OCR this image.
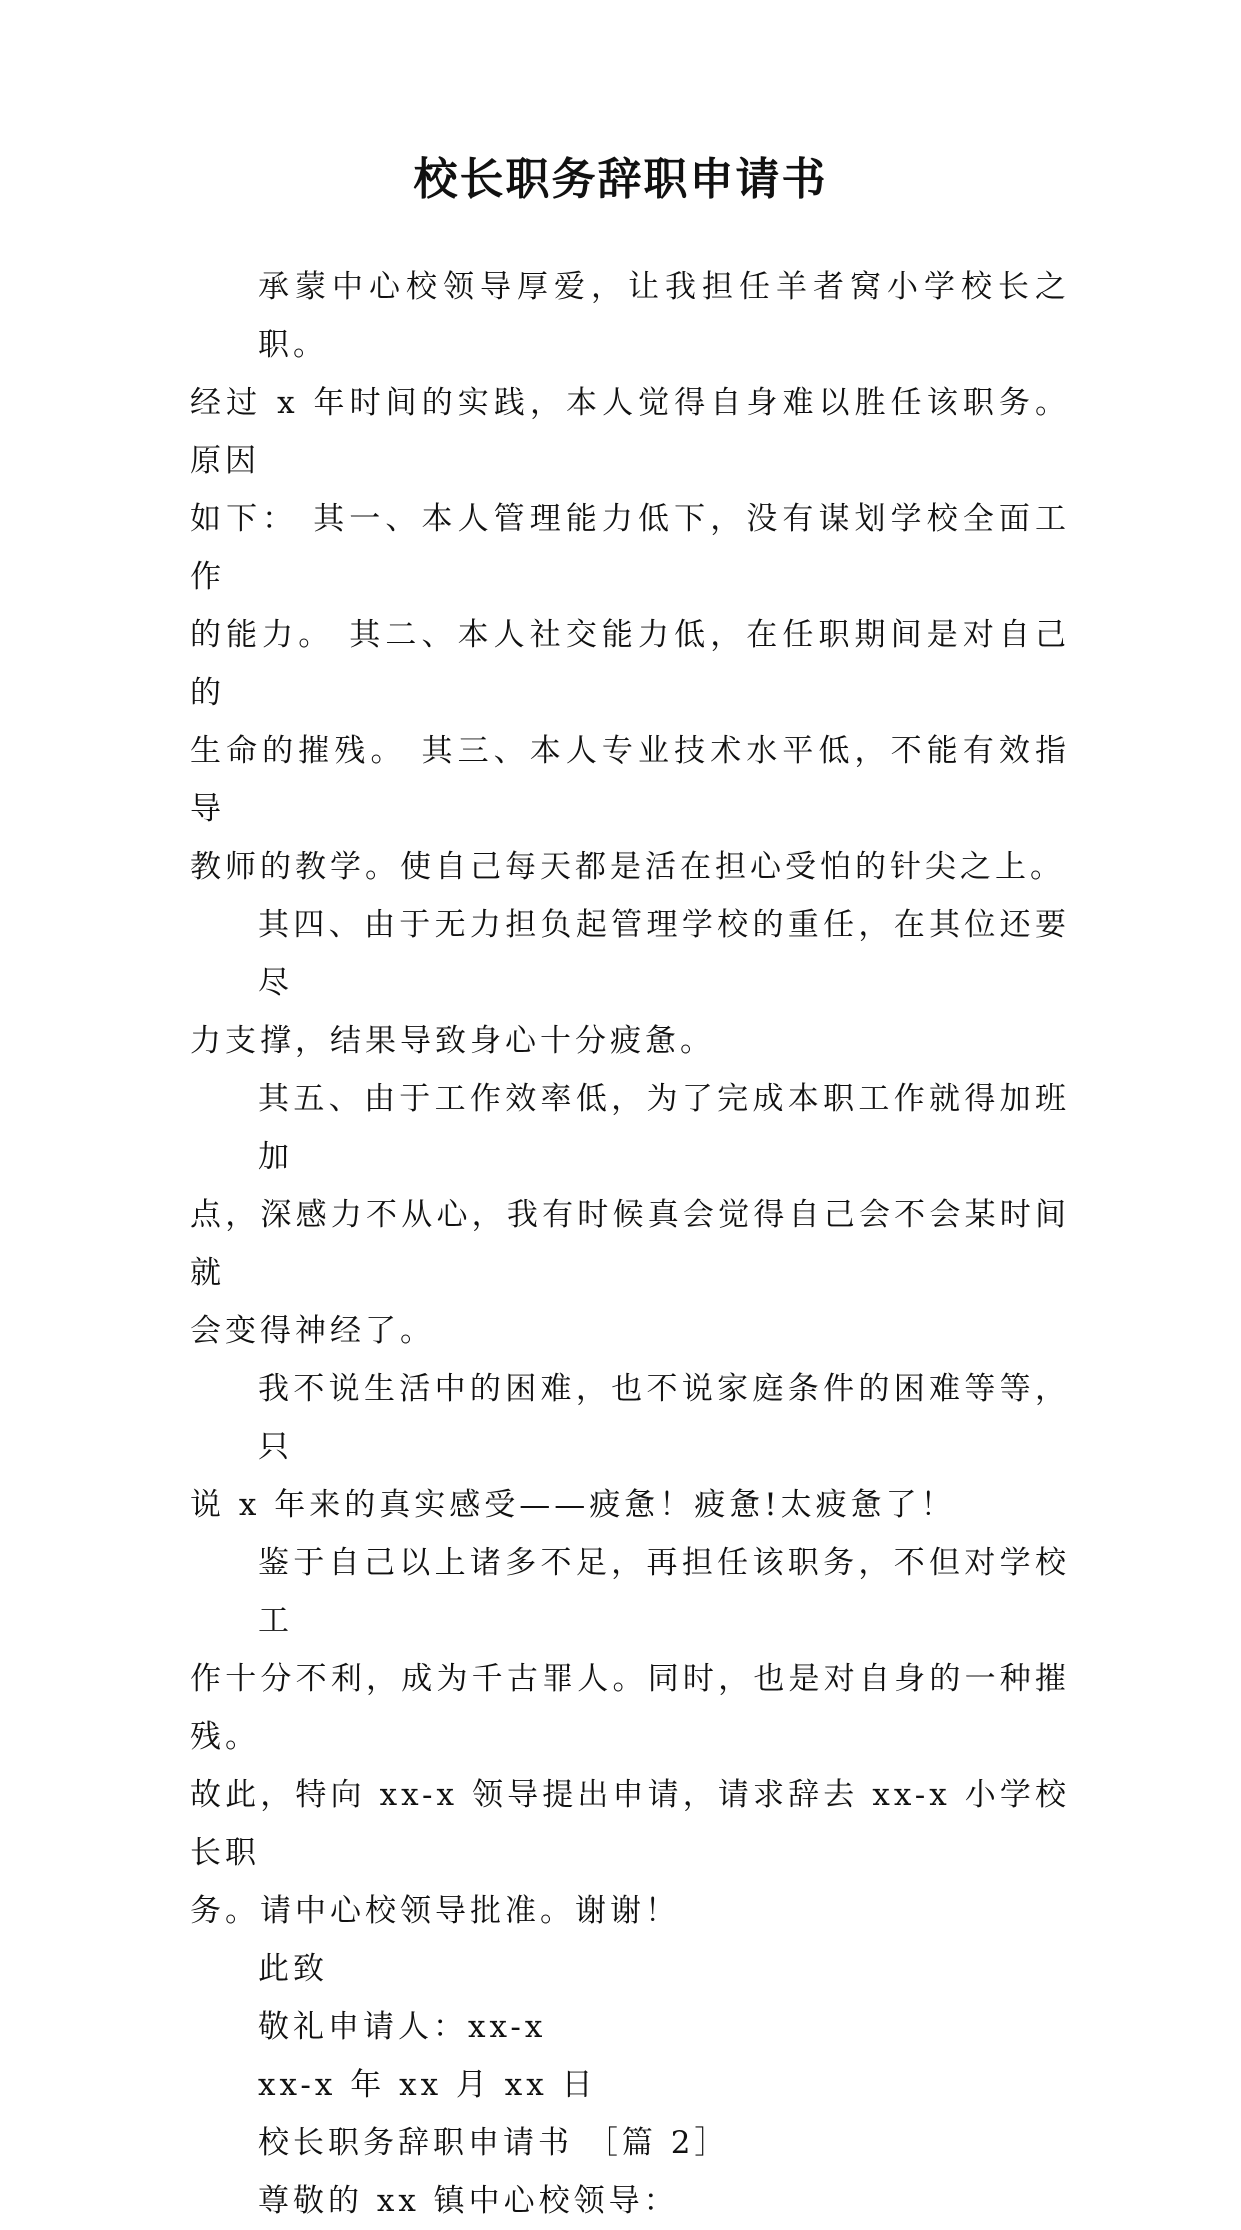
校长职务辞职申请书

承蒙中心校领导厚爱，让我担任羊者窝小学校长之职。
经过 x 年时间的实践，本人觉得自身难以胜任该职务。原因
如下： 其一、本人管理能力低下，没有谋划学校全面工作
的能力。 其二、本人社交能力低，在任职期间是对自己的
生命的摧残。 其三、本人专业技术水平低，不能有效指导
教师的教学。使自己每天都是活在担心受怕的针尖之上。

其四、由于无力担负起管理学校的重任，在其位还要尽
力支撑，结果导致身心十分疲惫。

其五、由于工作效率低，为了完成本职工作就得加班加
点，深感力不从心，我有时候真会觉得自己会不会某时间就
会变得神经了。

我不说生活中的困难，也不说家庭条件的困难等等，只
说 x 年来的真实感受——疲惫！疲惫!太疲惫了！

鉴于自己以上诸多不足，再担任该职务，不但对学校工
作十分不利，成为千古罪人。同时，也是对自身的一种摧残。
故此，特向 xx-x 领导提出申请，请求辞去 xx-x 小学校长职
务。请中心校领导批准。谢谢！

此致

敬礼申请人：xx-x

xx-x 年 xx 月 xx 日

校长职务辞职申请书 ［篇 2］

尊敬的 xx 镇中心校领导：
